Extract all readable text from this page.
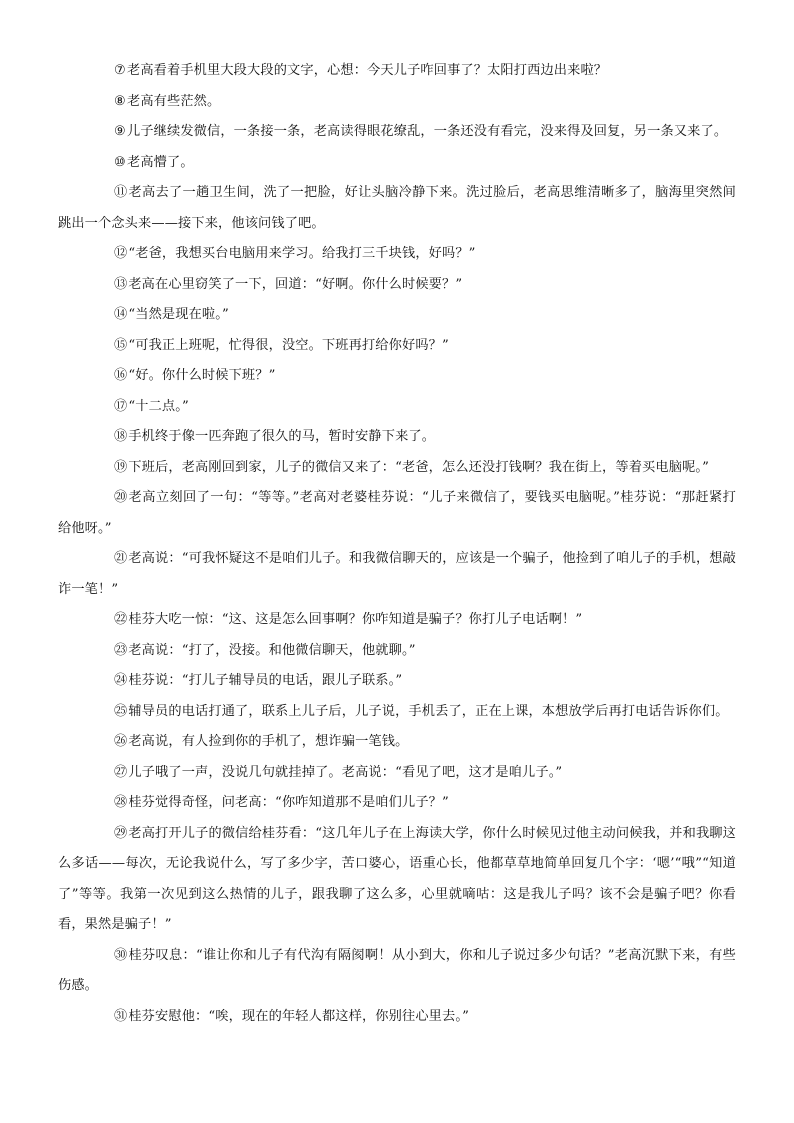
⑦老高看着手机里大段大段的文字，心想：今天儿子咋回事了？太阳打西边出来啦？

⑧老高有些茫然。

⑨儿子继续发微信，一条接一条，老高读得眼花缭乱，一条还没有看完，没来得及回复，另一条又来了。

⑩老高懵了。

⑪老高去了一趟卫生间，洗了一把脸，好让头脑冷静下来。洗过脸后，老高思维清晰多了，脑海里突然间跳出一个念头来——接下来，他该问钱了吧。

⑫“老爸，我想买台电脑用来学习。给我打三千块钱，好吗？”

⑬老高在心里窃笑了一下，回道：“好啊。你什么时候要？”

⑭“当然是现在啦。”

⑮“可我正上班呢，忙得很，没空。下班再打给你好吗？”

⑯“好。你什么时候下班？”

⑰“十二点。”

⑱手机终于像一匹奔跑了很久的马，暂时安静下来了。

⑲下班后，老高刚回到家，儿子的微信又来了：“老爸，怎么还没打钱啊？我在街上，等着买电脑呢。”

⑳老高立刻回了一句：“等等。”老高对老婆桂芬说：“儿子来微信了，要钱买电脑呢。”桂芬说：“那赶紧打给他呀。”

㉑老高说：“可我怀疑这不是咱们儿子。和我微信聊天的，应该是一个骗子，他捡到了咱儿子的手机，想敲诈一笔！”

㉒桂芬大吃一惊：“这、这是怎么回事啊？你咋知道是骗子？你打儿子电话啊！”

㉓老高说：“打了，没接。和他微信聊天，他就聊。”

㉔桂芬说：“打儿子辅导员的电话，跟儿子联系。”

㉕辅导员的电话打通了，联系上儿子后，儿子说，手机丢了，正在上课，本想放学后再打电话告诉你们。

㉖老高说，有人捡到你的手机了，想诈骗一笔钱。

㉗儿子哦了一声，没说几句就挂掉了。老高说：“看见了吧，这才是咱儿子。”

㉘桂芬觉得奇怪，问老高：“你咋知道那不是咱们儿子？”

㉙老高打开儿子的微信给桂芬看：“这几年儿子在上海读大学，你什么时候见过他主动问候我，并和我聊这么多话——每次，无论我说什么，写了多少字，苦口婆心，语重心长，他都草草地简单回复几个字：‘嗯’“哦”“知道了”等等。我第一次见到这么热情的儿子，跟我聊了这么多，心里就嘀咕：这是我儿子吗？该不会是骗子吧？你看看，果然是骗子！”

㉚桂芬叹息：“谁让你和儿子有代沟有隔阂啊！从小到大，你和儿子说过多少句话？”老高沉默下来，有些伤感。

㉛桂芬安慰他：“唉，现在的年轻人都这样，你别往心里去。”
